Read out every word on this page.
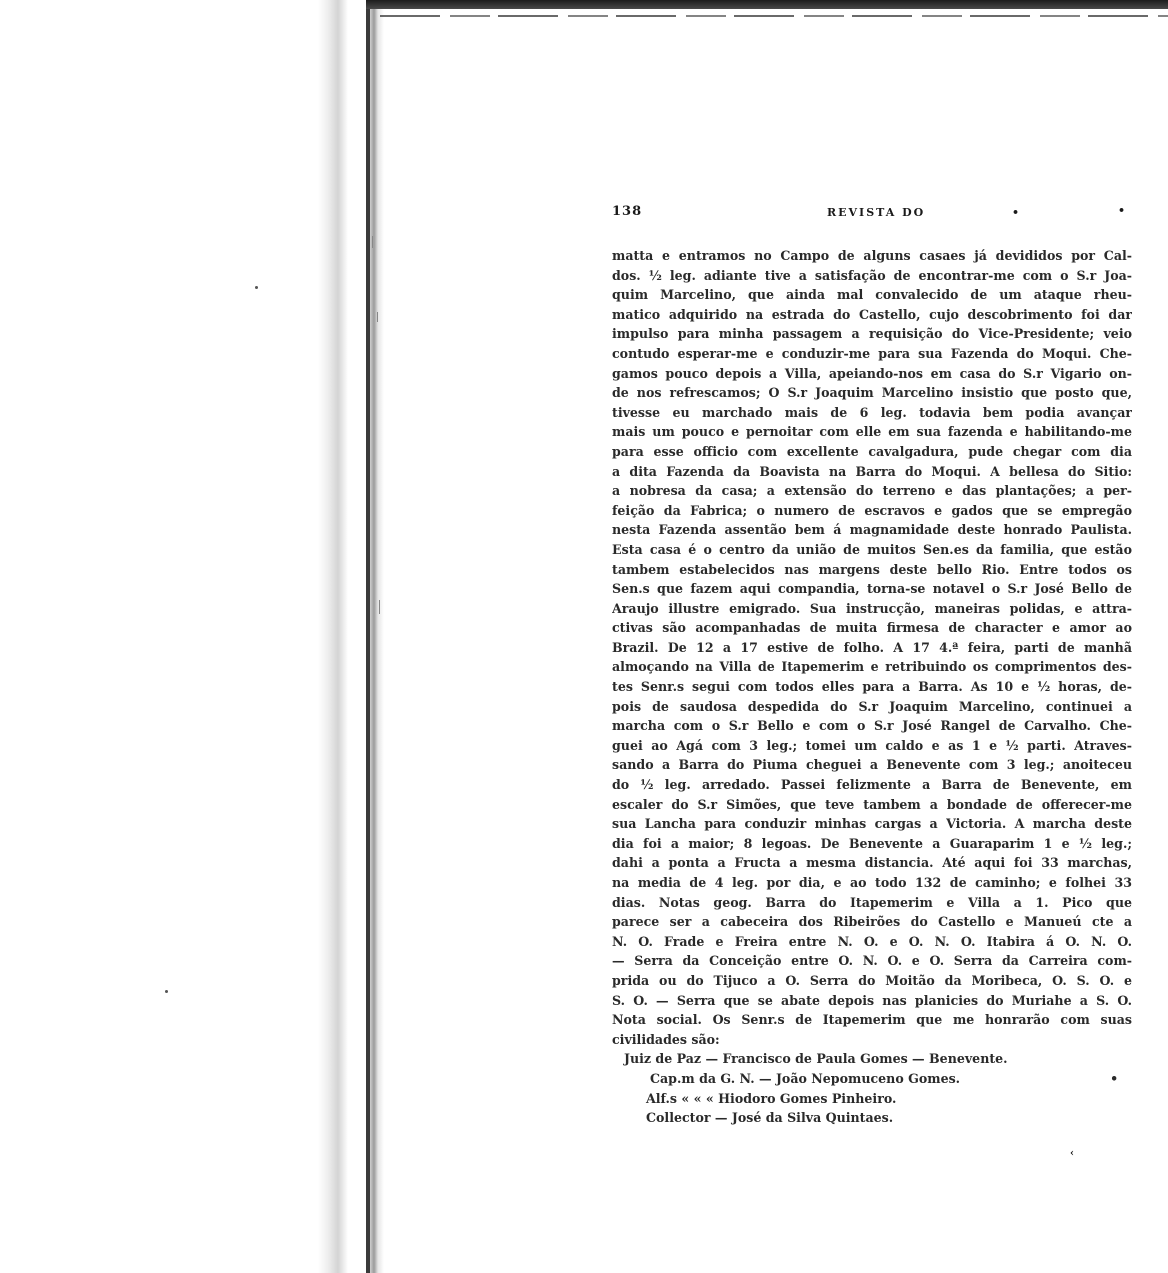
138	REVISTA DO	•	•
matta e entramos no Campo de alguns casaes já devididos por Cal-
dos. ½ leg. adiante tive a satisfação de encontrar-me com o S.r Joa-
quim Marcelino, que ainda mal convalecido de um ataque rheu-
matico adquirido na estrada do Castello, cujo descobrimento foi dar
impulso para minha passagem a requisição do Vice-Presidente; veio
contudo esperar-me e conduzir-me para sua Fazenda do Moqui. Che-
gamos pouco depois a Villa, apeiando-nos em casa do S.r Vigario on-
de nos refrescamos; O S.r Joaquim Marcelino insistio que posto que,
tivesse eu marchado mais de 6 leg. todavia bem podia avançar
mais um pouco e pernoitar com elle em sua fazenda e habilitando-me
para esse officio com excellente cavalgadura, pude chegar com dia
a dita Fazenda da Boavista na Barra do Moqui. A bellesa do Sitio:
a nobresa da casa; a extensão do terreno e das plantações; a per-
feição da Fabrica; o numero de escravos e gados que se empregão
nesta Fazenda assentão bem á magnamidade deste honrado Paulista.
Esta casa é o centro da união de muitos Sen.es da familia, que estão
tambem estabelecidos nas margens deste bello Rio. Entre todos os
Sen.s que fazem aqui compandia, torna-se notavel o S.r José Bello de
Araujo illustre emigrado. Sua instrucção, maneiras polidas, e attra-
ctivas são acompanhadas de muita firmesa de character e amor ao
Brazil. De 12 a 17 estive de folho. A 17 4.ª feira, parti de manhã
almoçando na Villa de Itapemerim e retribuindo os comprimentos des-
tes Senr.s segui com todos elles para a Barra. As 10 e ½ horas, de-
pois de saudosa despedida do S.r Joaquim Marcelino, continuei a
marcha com o S.r Bello e com o S.r José Rangel de Carvalho. Che-
guei ao Agá com 3 leg.; tomei um caldo e as 1 e ½ parti. Atraves-
sando a Barra do Piuma cheguei a Benevente com 3 leg.; anoiteceu
do ½ leg. arredado. Passei felizmente a Barra de Benevente, em
escaler do S.r Simões, que teve tambem a bondade de offerecer-me
sua Lancha para conduzir minhas cargas a Victoria. A marcha deste
dia foi a maior; 8 legoas. De Benevente a Guaraparim 1 e ½ leg.;
dahi a ponta a Fructa a mesma distancia. Até aqui foi 33 marchas,
na media de 4 leg. por dia, e ao todo 132 de caminho; e folhei 33
dias. Notas geog. Barra do Itapemerim e Villa a 1. Pico que
parece ser a cabeceira dos Ribeirões do Castello e Manueú cte a
N. O. Frade e Freira entre N. O. e O. N. O. Itabira á O. N. O.
— Serra da Conceição entre O. N. O. e O. Serra da Carreira com-
prida ou do Tijuco a O. Serra do Moitão da Moribeca, O. S. O. e
S. O. — Serra que se abate depois nas planicies do Muriahe a S. O.
Nota social. Os Senr.s de Itapemerim que me honrarão com suas
civilidades são:
Juiz de Paz — Francisco de Paula Gomes — Benevente.
Cap.m da G. N. — João Nepomuceno Gomes.	•
Alf.s « « « Hiodoro Gomes Pinheiro.
Collector — José da Silva Quintaes.
‹
